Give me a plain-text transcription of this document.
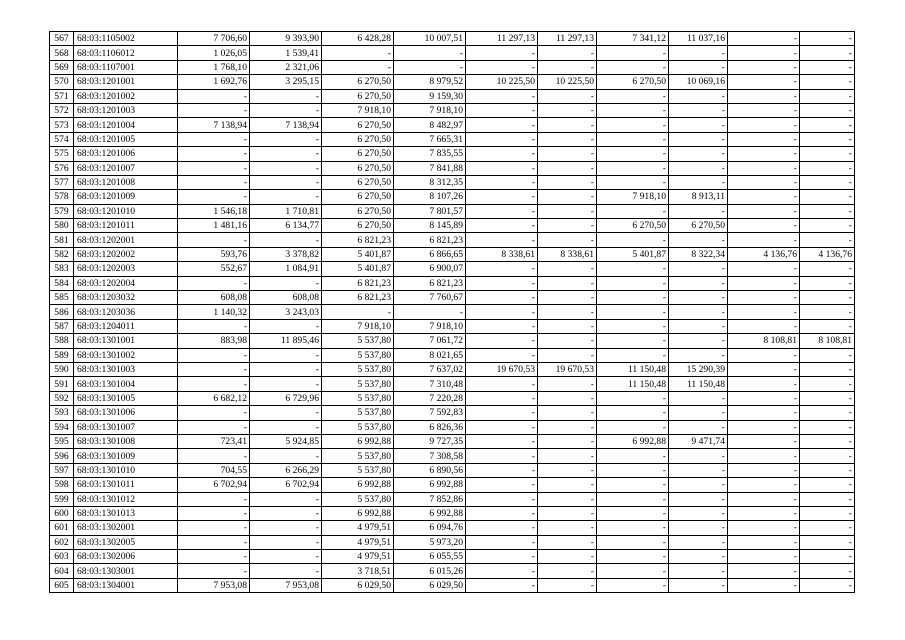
567	68:03:1105002	7 706,60	9 393,90	6 428,28	10 007,51	11 297,13	11 297,13	7 341,12	11 037,16	-	-
568	68:03:1106012	1 026,05	1 539,41	-	-	-	-	-	-	-	-
569	68:03:1107001	1 768,10	2 321,06	-	-	-	-	-	-	-	-
570	68:03:1201001	1 692,76	3 295,15	6 270,50	8 979,52	10 225,50	10 225,50	6 270,50	10 069,16	-	-
571	68:03:1201002	-	-	6 270,50	9 159,30	-	-	-	-	-	-
572	68:03:1201003	-	-	7 918,10	7 918,10	-	-	-	-	-	-
573	68:03:1201004	7 138,94	7 138,94	6 270,50	8 482,97	-	-	-	-	-	-
574	68:03:1201005	-	-	6 270,50	7 665,31	-	-	-	-	-	-
575	68:03:1201006	-	-	6 270,50	7 835,55	-	-	-	-	-	-
576	68:03:1201007	-	-	6 270,50	7 841,88	-	-	-	-	-	-
577	68:03:1201008	-	-	6 270,50	8 312,35	-	-	-	-	-	-
578	68:03:1201009	-	-	6 270,50	8 107,26	-	-	7 918,10	8 913,11	-	-
579	68:03:1201010	1 546,18	1 710,81	6 270,50	7 801,57	-	-	-	-	-	-
580	68:03:1201011	1 481,16	6 134,77	6 270,50	8 145,89	-	-	6 270,50	6 270,50	-	-
581	68:03:1202001	-	-	6 821,23	6 821,23	-	-	-	-	-	-
582	68:03:1202002	593,76	3 378,82	5 401,87	6 866,65	8 338,61	8 338,61	5 401,87	8 322,34	4 136,76	4 136,76
583	68:03:1202003	552,67	1 084,91	5 401,87	6 900,07	-	-	-	-	-	-
584	68:03:1202004	-	-	6 821,23	6 821,23	-	-	-	-	-	-
585	68:03:1203032	608,08	608,08	6 821,23	7 760,67	-	-	-	-	-	-
586	68:03:1203036	1 140,32	3 243,03	-	-	-	-	-	-	-	-
587	68:03:1204011	-	-	7 918,10	7 918,10	-	-	-	-	-	-
588	68:03:1301001	883,98	11 895,46	5 537,80	7 061,72	-	-	-	-	8 108,81	8 108,81
589	68:03:1301002	-	-	5 537,80	8 021,65	-	-	-	-	-	-
590	68:03:1301003	-	-	5 537,80	7 637,02	19 670,53	19 670,53	11 150,48	15 290,39	-	-
591	68:03:1301004	-	-	5 537,80	7 310,48	-	-	11 150,48	11 150,48	-	-
592	68:03:1301005	6 682,12	6 729,96	5 537,80	7 220,28	-	-	-	-	-	-
593	68:03:1301006	-	-	5 537,80	7 592,83	-	-	-	-	-	-
594	68:03:1301007	-	-	5 537,80	6 826,36	-	-	-	-	-	-
595	68:03:1301008	723,41	5 924,85	6 992,88	9 727,35	-	-	6 992,88	9 471,74	-	-
596	68:03:1301009	-	-	5 537,80	7 308,58	-	-	-	-	-	-
597	68:03:1301010	704,55	6 266,29	5 537,80	6 890,56	-	-	-	-	-	-
598	68:03:1301011	6 702,94	6 702,94	6 992,88	6 992,88	-	-	-	-	-	-
599	68:03:1301012	-	-	5 537,80	7 852,86	-	-	-	-	-	-
600	68:03:1301013	-	-	6 992,88	6 992,88	-	-	-	-	-	-
601	68:03:1302001	-	-	4 979,51	6 094,76	-	-	-	-	-	-
602	68:03:1302005	-	-	4 979,51	5 973,20	-	-	-	-	-	-
603	68:03:1302006	-	-	4 979,51	6 055,55	-	-	-	-	-	-
604	68:03:1303001	-	-	3 718,51	6 015,26	-	-	-	-	-	-
605	68:03:1304001	7 953,08	7 953,08	6 029,50	6 029,50	-	-	-	-	-	-
